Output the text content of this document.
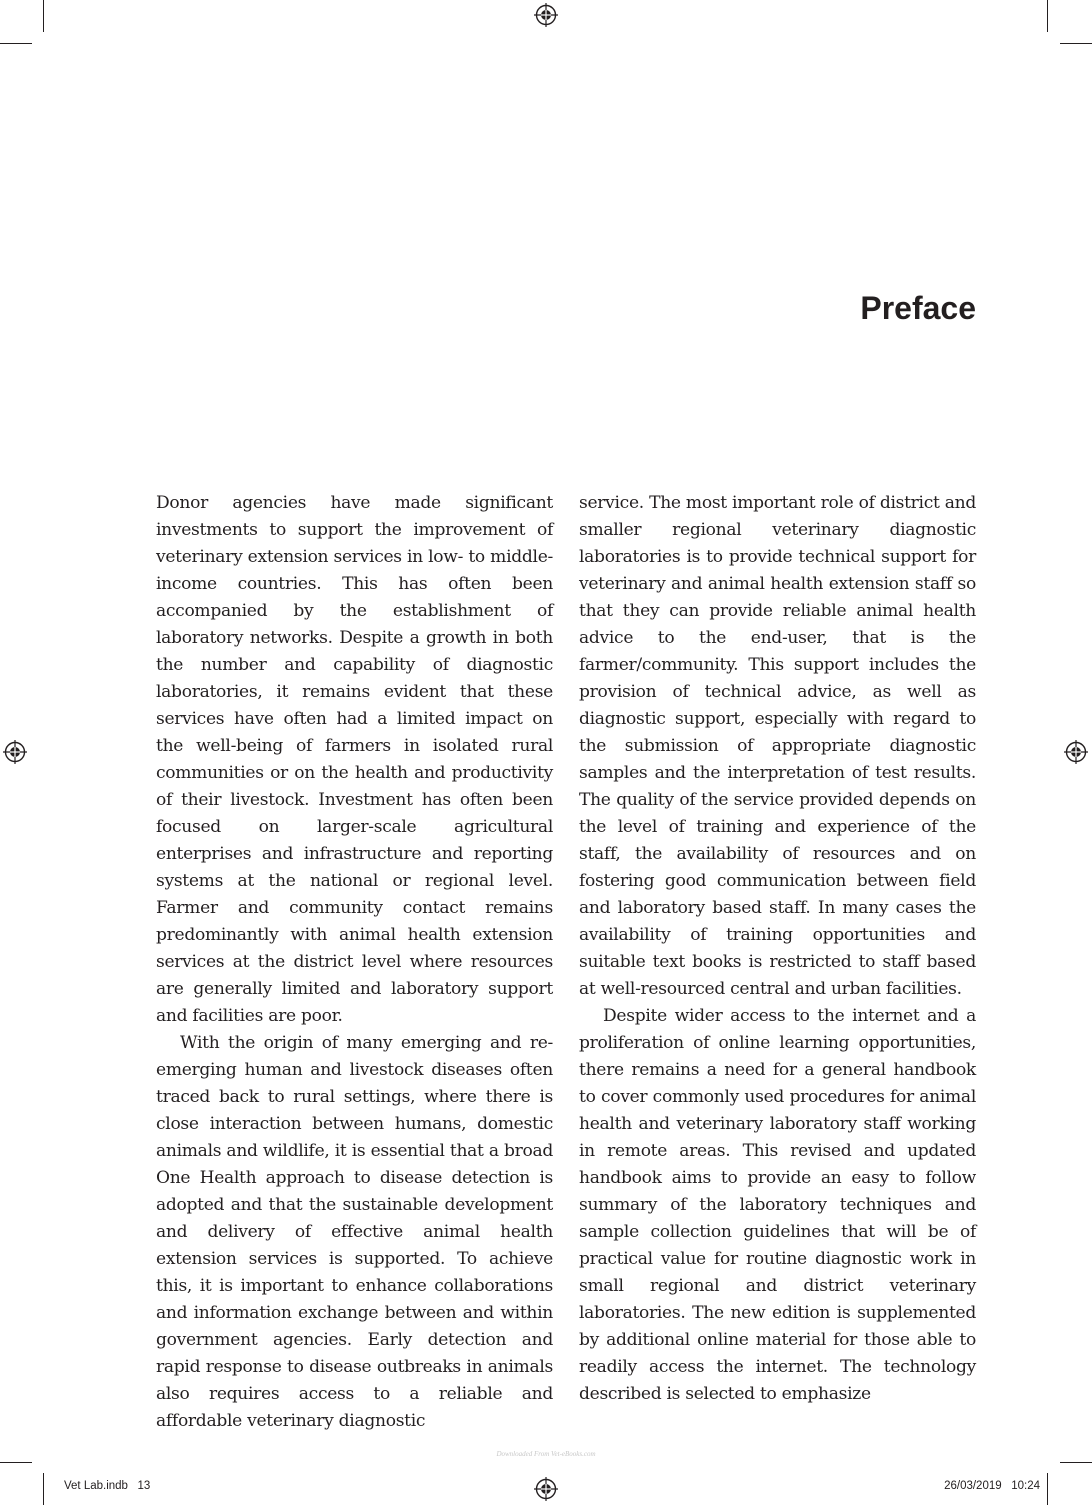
Preface

Donor agencies have made significant investments to support the improvement of veterinary extension services in low- to middle-income countries. This has often been accompanied by the establishment of laboratory networks. Despite a growth in both the number and capability of diagnostic laboratories, it remains evident that these services have often had a limited impact on the well-being of farmers in isolated rural communities or on the health and productivity of their livestock. Investment has often been focused on larger-scale agricultural enterprises and infrastructure and reporting systems at the national or regional level. Farmer and community contact remains predominantly with animal health extension services at the district level where resources are generally limited and laboratory support and facilities are poor.

With the origin of many emerging and re-emerging human and livestock diseases often traced back to rural settings, where there is close interaction between humans, domestic animals and wildlife, it is essential that a broad One Health approach to disease detection is adopted and that the sustainable development and delivery of effective animal health extension services is supported. To achieve this, it is important to enhance collaborations and information exchange between and within government agencies. Early detection and rapid response to disease outbreaks in animals also requires access to a reliable and affordable veterinary diagnostic

service. The most important role of district and smaller regional veterinary diagnostic laboratories is to provide technical support for veterinary and animal health extension staff so that they can provide reliable animal health advice to the end-user, that is the farmer/community. This support includes the provision of technical advice, as well as diagnostic support, especially with regard to the submission of appropriate diagnostic samples and the interpretation of test results. The quality of the service provided depends on the level of training and experience of the staff, the availability of resources and on fostering good communication between field and laboratory based staff. In many cases the availability of training opportunities and suitable text books is restricted to staff based at well-resourced central and urban facilities.

Despite wider access to the internet and a proliferation of online learning opportunities, there remains a need for a general handbook to cover commonly used procedures for animal health and veterinary laboratory staff working in remote areas. This revised and updated handbook aims to provide an easy to follow summary of the laboratory techniques and sample collection guidelines that will be of practical value for routine diagnostic work in small regional and district veterinary laboratories. The new edition is supplemented by additional online material for those able to readily access the internet. The technology described is selected to emphasize

Downloaded From Vet-eBooks.com
Vet Lab.indb   13	26/03/2019   10:24
